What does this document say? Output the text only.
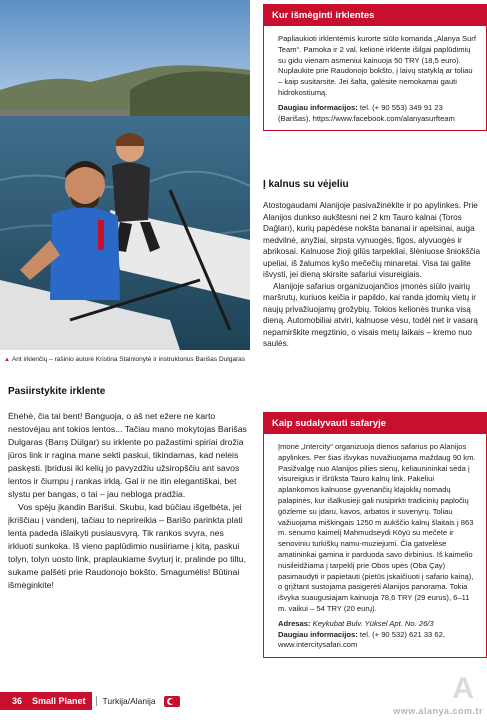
▲ Ant irklenčių – rašinio autorė Kristina Stalnionytė ir instruktorius Barišas Dulgaras
Pasiirstykite irklente

Ėhėhė, čia tai bent! Banguoja, o aš net ežere ne karto nestovėjau ant tokios lentos... Tačiau mano mokytojas Barišas Dulgaras (Barış Dülgar) su irklente po pažastimi spiriai drožia jūros link ir ragina mane sekti paskui, tikindamas, kad neleis paskęsti. Įbridusi iki kelių jo pavyzdžiu užsiropščiu ant savos lentos ir čiumpu į rankas irklą. Gal ir ne itin elegantiškai, bet slystu per bangas, o tai – jau nebloga pradžia.

Vos spėju įkandin Barišui. Skubu, kad būčiau išgelbėta, jei įkriščiau į vandenį, tačiau to neprireikia – Barišo parinkta plati lenta padeda išlaikyti pusiausvyrą. Tik rankos svyra, nes irkluoti sunkoka. Iš vieno paplūdimio nusiiriame į kitą, paskui tolyn, tolyn uosto link, praplaukiame švyturį ir, pralinde po tiltu, sukame palšėti prie Raudonojo bokšto. Smagumėlis! Būtinai išmėginkite!

Kur išmėginti irklentes

Papliaukioti irklentėmis kurorte siūlo komanda „Alanya Surf Team“. Pamoka ir 2 val. kelionė irklente išilgai paplūdimių su gidu vienam asmeniui kainuoja 50 TRY (18,5 euro). Nuplaukite prie Raudonojo bokšto, į laivų statyklą ar toliau – kaip susitarsite. Jei šalta, galėsite nemokamai gauti hidrokostiumą.

Daugiau informacijos: tel. (+ 90 553) 349 91 23 (Barišas), https://www.facebook.com/alanyasurfteam

Į kalnus su vėjeliu

Atostogaudami Alanijoje pasivažinėkite ir po apylinkes. Prie Alanijos dunkso aukštesni nei 2 km Tauro kalnai (Toros Dağları), kurių papėdėse nokšta bananai ir apelsinai, auga medvilnė, anyžiai, sirpsta vynuogės, figos, alyvuogės ir abrikosai. Kalnuose žioji gilūs tarpekliai, šlėniuose šniokščia upeliai, iš žalumos kyšo mečečių minaretai. Visa tai galite išvysti, jei dieną skirsite safariui visureigiais.

Alanijoje safarius organizuojančios įmonės siūlo įvairių maršrutų, kuriuos keičia ir papildo, kai randa įdomių vietų ir naujų privažiuojamų grožybių. Tokios kelionės trunka visą dieną. Automobiliai atviri, kalnuose vėsu, todėl net ir vasarą nepamirškite megztinio, o visais metų laikais – kremo nuo saulės.

Kaip sudalyvauti safaryje

Įmonė „Intercity“ organizuoja dienos safarius po Alanijos apylinkes. Per šias išvykas nuvažiuojama maždaug 90 km. Pasižvalgę nuo Alanijos pilies sienų, keliaunininkai sėda į visureigius ir išrūksta Tauro kalnų link. Pakeliui aplankomos kalnuose gyvenančių klajoklių nomadų palapinės, kur išalkusieji gali nusipirkti tradicinių papločių gözleme su įdaru, kavos, arbatos ir suvenyrų. Toliau važiuojama miškingais 1250 m aukščio kalnų šlaitais į 863 m. senumo kaimelį Mahmudseydi Köyü su mečete ir senoviniu turkiškų namu-muziejumi. Čia gatvelėse amatininkai gamina ir parduoda savo dirbinius. Iš kaimelio nusileidžiama į tarpeklį prie Obos upės (Oba Çay) pasimaudyti ir papietauti (pietūs įskaičiuoti į safario kainą), o grįžtant sustojama pasigerėti Alanijos panorama. Tokia išvyka suaugusiajam kainuoja 78,6 TRY (29 eurus), 6–11 m. vaikui – 54 TRY (20 eurų).

Adresas: Keykubat Bulv. Yüksel Apt. No. 26/3

Daugiau informacijos: tel. (+ 90 532) 621 33 62, www.intercitysafari.com

36	Small Planet	Turkija/Alanija	A
www.alanya.com.tr
